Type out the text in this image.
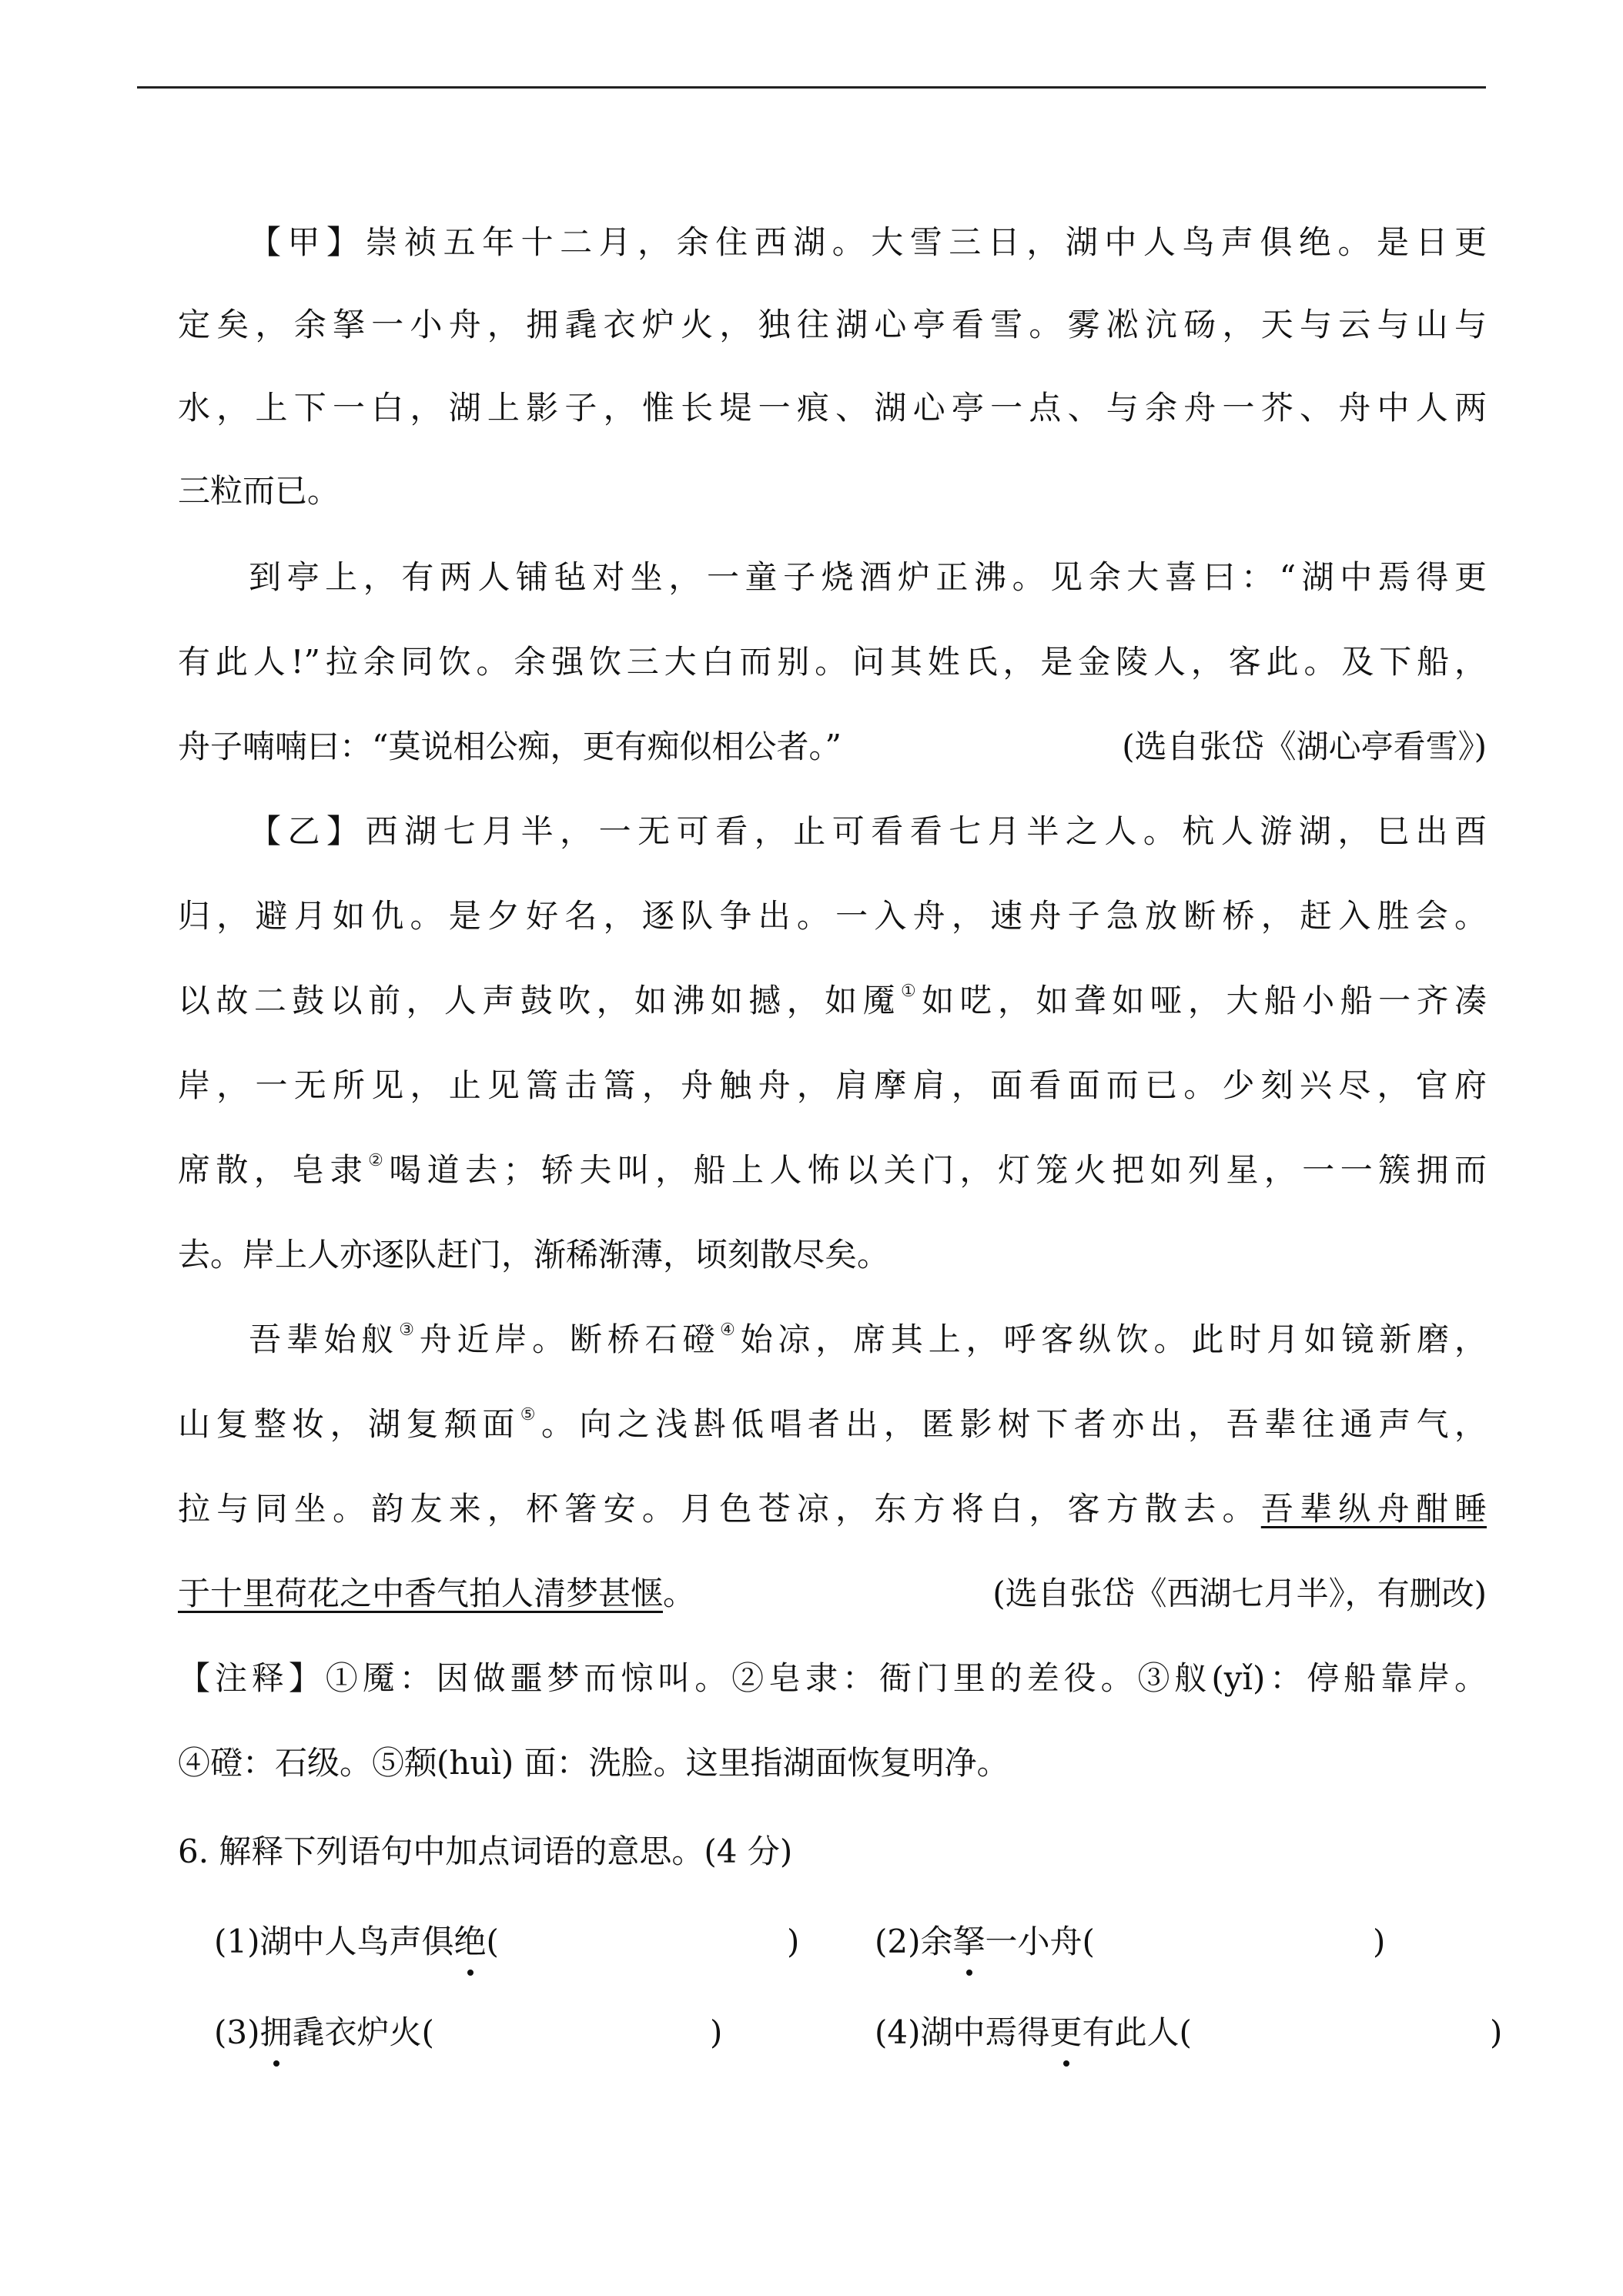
【甲】崇祯五年十二月，余住西湖。大雪三日，湖中人鸟声俱绝。是日更
定矣，余拏一小舟，拥毳衣炉火，独往湖心亭看雪。雾凇沆砀，天与云与山与
水，上下一白，湖上影子，惟长堤一痕、湖心亭一点、与余舟一芥、舟中人两
三粒而已。
到亭上，有两人铺毡对坐，一童子烧酒炉正沸。见余大喜曰：“湖中焉得更
有此人!”拉余同饮。余强饮三大白而别。问其姓氏，是金陵人，客此。及下船，
舟子喃喃曰：“莫说相公痴，更有痴似相公者。”	(选自张岱《湖心亭看雪》)
【乙】西湖七月半，一无可看，止可看看七月半之人。杭人游湖，巳出酉
归，避月如仇。是夕好名，逐队争出。一入舟，速舟子急放断桥，赶入胜会。
以故二鼓以前，人声鼓吹，如沸如撼，如魇①如呓，如聋如哑，大船小船一齐凑
岸，一无所见，止见篙击篙，舟触舟，肩摩肩，面看面而已。少刻兴尽，官府
席散，皂隶②喝道去；轿夫叫，船上人怖以关门，灯笼火把如列星，一一簇拥而
去。岸上人亦逐队赶门，渐稀渐薄，顷刻散尽矣。
吾辈始舣③舟近岸。断桥石磴④始凉，席其上，呼客纵饮。此时月如镜新磨，
山复整妆，湖复颒面⑤。向之浅斟低唱者出，匿影树下者亦出，吾辈往通声气，
拉与同坐。韵友来，杯箸安。月色苍凉，东方将白，客方散去。吾辈纵舟酣睡
于十里荷花之中香气拍人清梦甚惬。	(选自张岱《西湖七月半》，有删改)
【注释】①魇：因做噩梦而惊叫。②皂隶：衙门里的差役。③舣(yǐ)：停船靠岸。
④磴：石级。⑤颒(huì) 面：洗脸。这里指湖面恢复明净。
6. 解释下列语句中加点词语的意思。(4 分)
(1)湖中人鸟声俱绝(	) (2)余拏一小舟(	)
(3)拥毳衣炉火(	)	(4)湖中焉得更有此人(	)
